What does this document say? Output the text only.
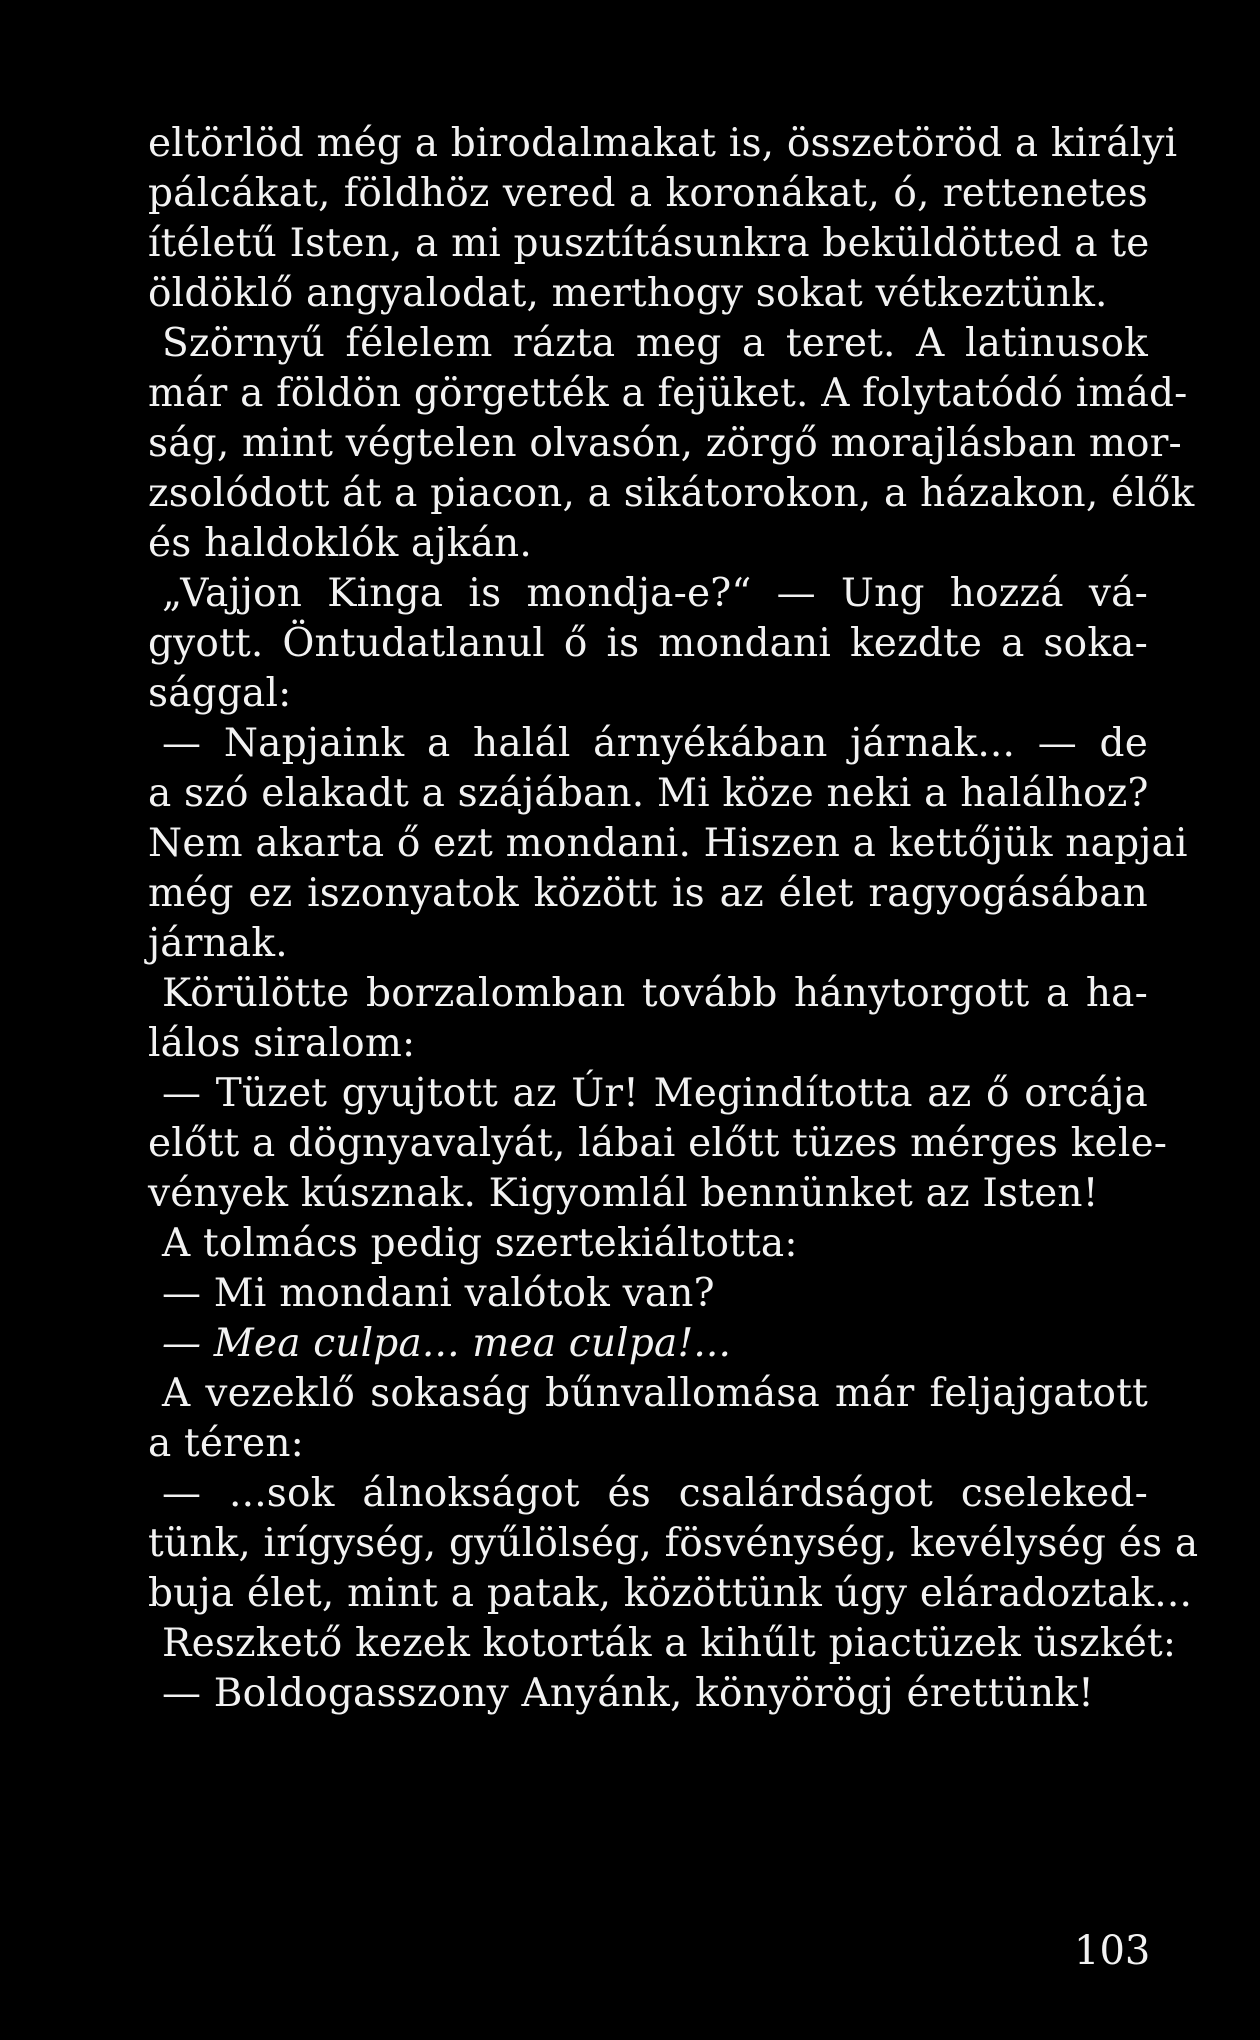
eltörlöd még a birodalmakat is, összetöröd a királyi
pálcákat, földhöz vered a koronákat, ó, rettenetes
ítéletű Isten, a mi pusztításunkra beküldötted a te
öldöklő angyalodat, merthogy sokat vétkeztünk.
Szörnyű félelem rázta meg a teret. A latinusok
már a földön görgették a fejüket. A folytatódó imád-
ság, mint végtelen olvasón, zörgő morajlásban mor-
zsolódott át a piacon, a sikátorokon, a házakon, élők
és haldoklók ajkán.
„Vajjon Kinga is mondja-e?“ — Ung hozzá vá-
gyott. Öntudatlanul ő is mondani kezdte a soka-
sággal:
— Napjaink a halál árnyékában járnak... — de
a szó elakadt a szájában. Mi köze neki a halálhoz?
Nem akarta ő ezt mondani. Hiszen a kettőjük napjai
még ez iszonyatok között is az élet ragyogásában
járnak.
Körülötte borzalomban tovább hánytorgott a ha-
lálos siralom:
— Tüzet gyujtott az Úr! Megindította az ő orcája
előtt a dögnyavalyát, lábai előtt tüzes mérges kele-
vények kúsznak. Kigyomlál bennünket az Isten!
A tolmács pedig szertekiáltotta:
— Mi mondani valótok van?
— Mea culpa... mea culpa!...
A vezeklő sokaság bűnvallomása már feljajgatott
a téren:
— ...sok álnokságot és csalárdságot cseleked-
tünk, irígység, gyűlölség, fösvénység, kevélység és a
buja élet, mint a patak, közöttünk úgy eláradoztak...
Reszkető kezek kotorták a kihűlt piactüzek üszkét:
— Boldogasszony Anyánk, könyörögj érettünk!
103
